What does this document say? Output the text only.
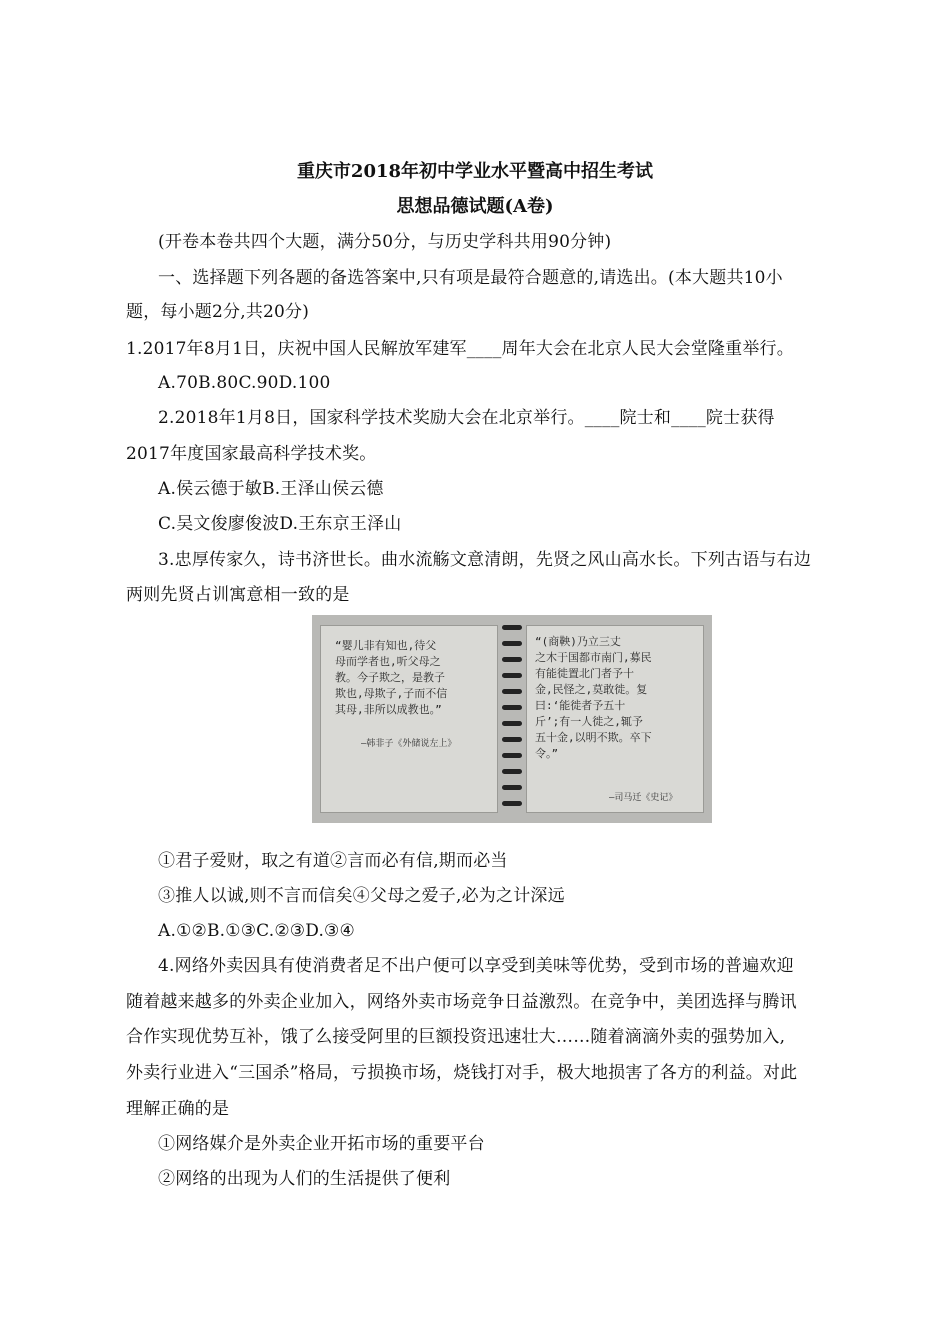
重庆市2018年初中学业水平暨高中招生考试
思想品德试题(A卷)
(开卷本卷共四个大题，满分50分，与历史学科共用90分钟)
一、选择题下列各题的备选答案中,只有项是最符合题意的,请选出。(本大题共10小
题，每小题2分,共20分)
1.2017年8月1日，庆祝中国人民解放军建军____周年大会在北京人民大会堂隆重举行。
A.70B.80C.90D.100
2.2018年1月8日，国家科学技术奖励大会在北京举行。____院士和____院士获得
2017年度国家最高科学技术奖。
A.侯云德于敏B.王泽山侯云德
C.吴文俊廖俊波D.王东京王泽山
3.忠厚传家久，诗书济世长。曲水流觞文意清朗，先贤之风山高水长。下列古语与右边
两则先贤占训寓意相一致的是
“婴儿非有知也,待父
母而学者也,听父母之
教。今子欺之，是教子
欺也,母欺子,子而不信
其母,非所以成教也。”
—韩非子《外储说左上》
“(商鞅)乃立三丈
之木于国都市南门,募民
有能徙置北门者予十
金,民怪之,莫敢徙。复
曰:‘能徙者予五十
斤’;有一人徙之,辄予
五十金,以明不欺。卒下
令。”
—司马迁《史记》
①君子爱财，取之有道②言而必有信,期而必当
③推人以诚,则不言而信矣④父母之爱子,必为之计深远
A.①②B.①③C.②③D.③④
4.网络外卖因具有使消费者足不出户便可以享受到美味等优势，受到市场的普遍欢迎
随着越来越多的外卖企业加入，网络外卖市场竞争日益激烈。在竞争中，美团选择与腾讯
合作实现优势互补，饿了么接受阿里的巨额投资迅速壮大……随着滴滴外卖的强势加入,
外卖行业进入“三国杀”格局，亏损换市场，烧钱打对手，极大地损害了各方的利益。对此
理解正确的是
①网络媒介是外卖企业开拓市场的重要平台
②网络的出现为人们的生活提供了便利
